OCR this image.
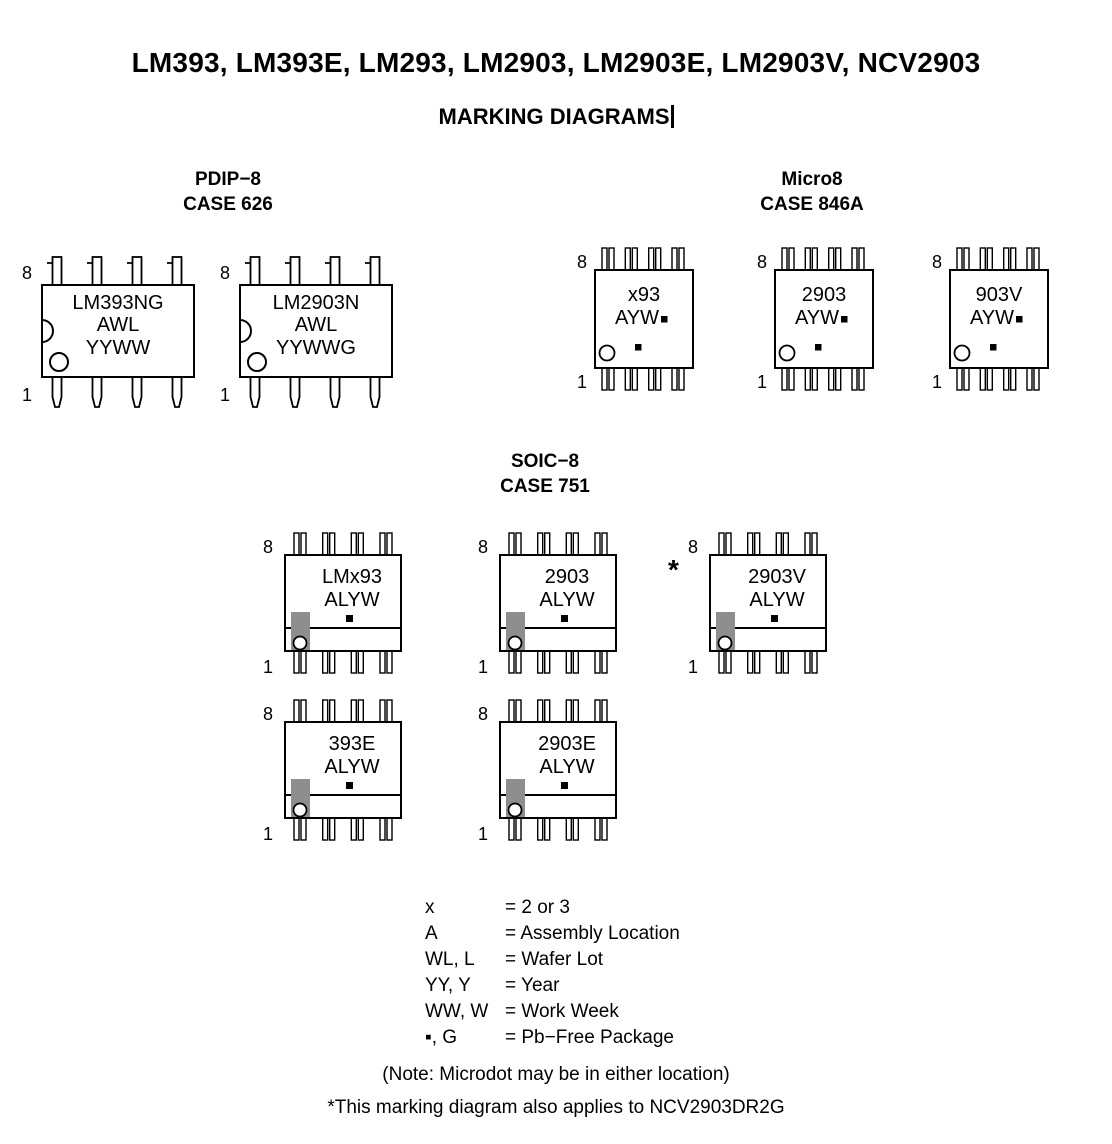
LM393, LM393E, LM293, LM2903, LM2903E, LM2903V, NCV2903
MARKING DIAGRAMS
PDIP−8
CASE 626
Micro8
CASE 846A
SOIC−8
CASE 751
8
1
LM393NG
AWL
YYWW
8
1
LM2903N
AWL
YYWWG
8
1
x93
AYW
8
1
2903
AYW
8
1
903V
AYW
8
1
LMx93
ALYW
8
1
2903
ALYW
*
8
1
2903V
ALYW
8
1
393E
ALYW
8
1
2903E
ALYW
x	= 2 or 3
A	= Assembly Location
WL, L = Wafer Lot
YY, Y = Year
WW, W = Work Week
▪, G	= Pb−Free Package
(Note: Microdot may be in either location)
*This marking diagram also applies to NCV2903DR2G
